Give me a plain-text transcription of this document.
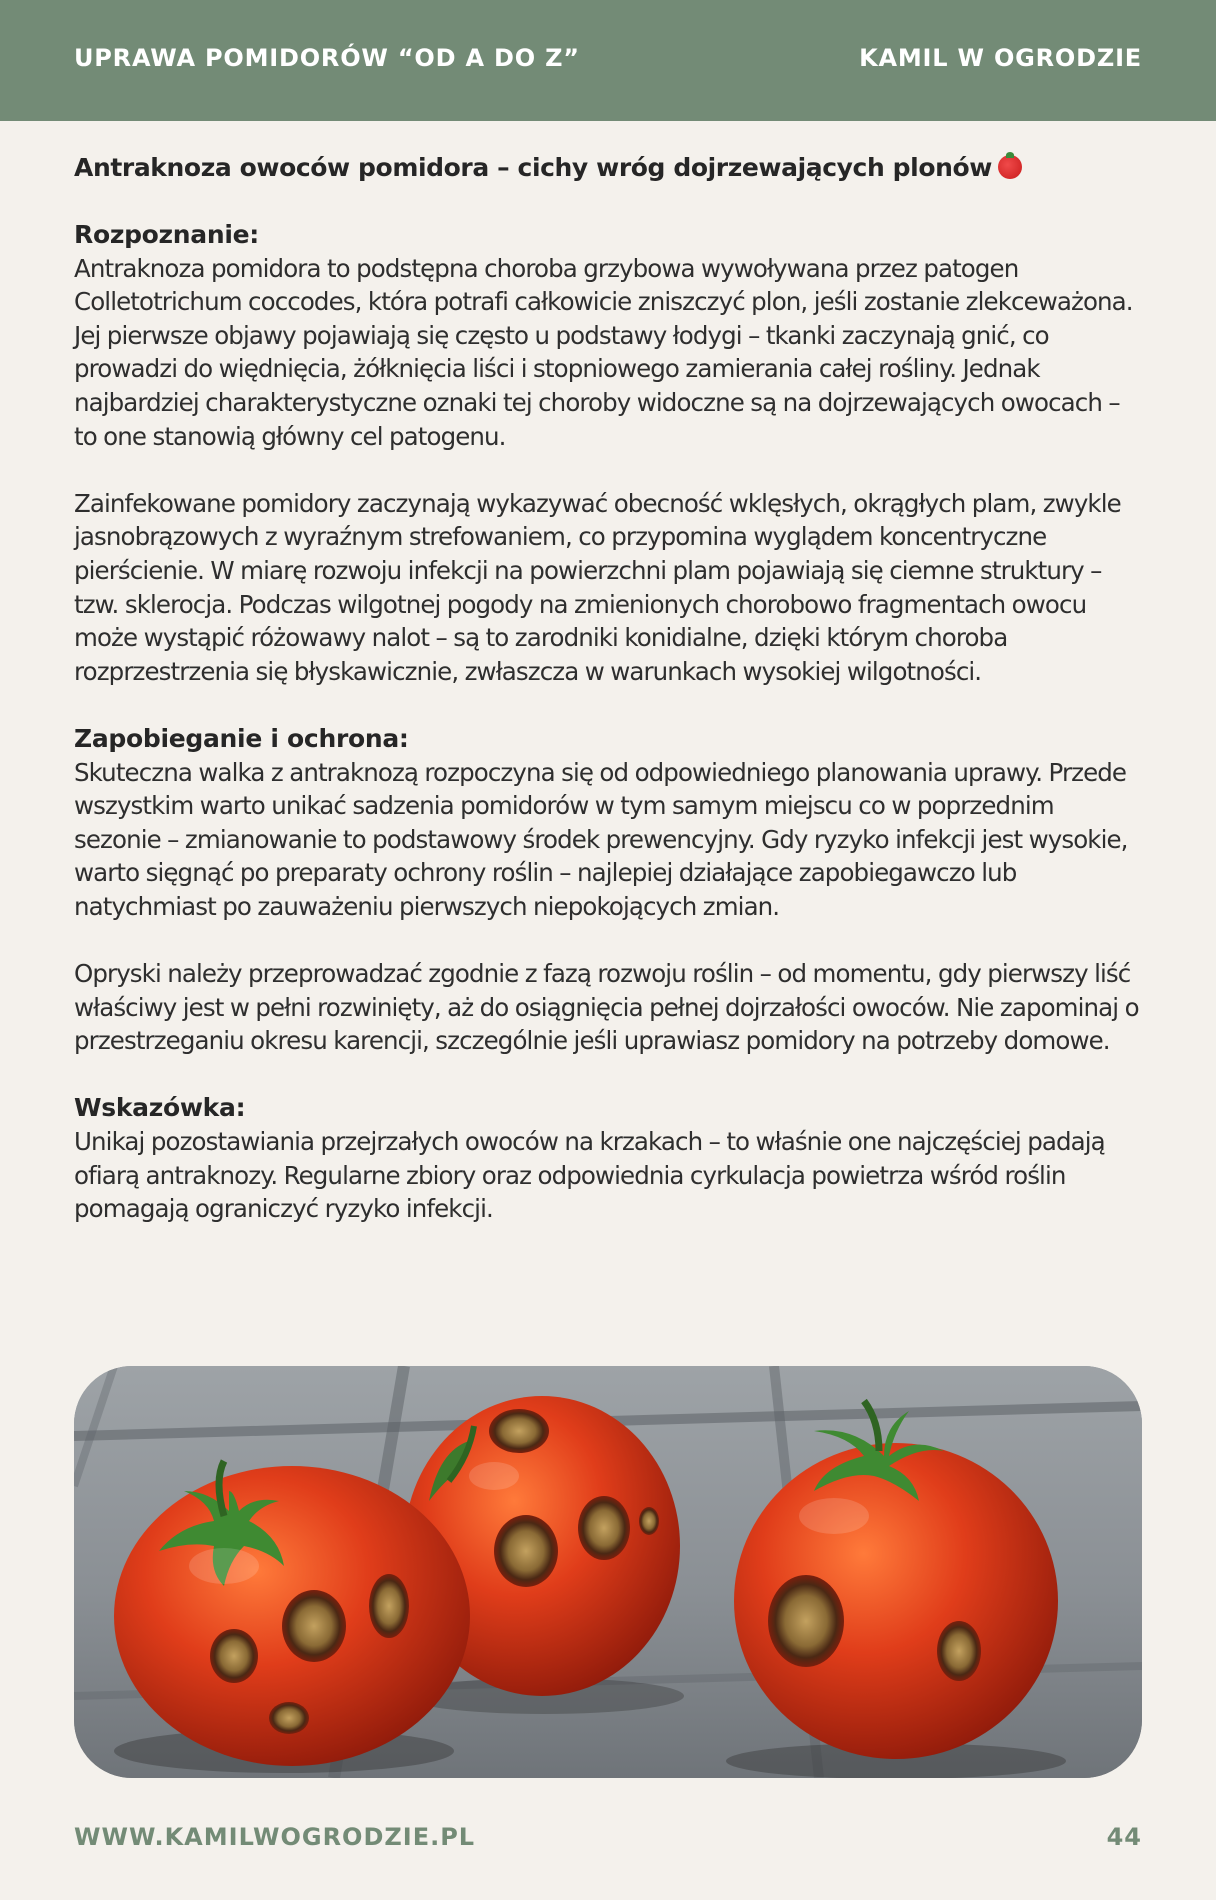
UPRAWA POMIDORÓW “OD A DO Z”	KAMIL W OGRODZIE
Antraknoza owoców pomidora – cichy wróg dojrzewających plonów
Rozpoznanie:
Antraknoza pomidora to podstępna choroba grzybowa wywoływana przez patogen Colletotrichum coccodes, która potrafi całkowicie zniszczyć plon, jeśli zostanie zlekceważona. Jej pierwsze objawy pojawiają się często u podstawy łodygi – tkanki zaczynają gnić, co prowadzi do więdnięcia, żółknięcia liści i stopniowego zamierania całej rośliny. Jednak najbardziej charakterystyczne oznaki tej choroby widoczne są na dojrzewających owocach – to one stanowią główny cel patogenu.
Zainfekowane pomidory zaczynają wykazywać obecność wklęsłych, okrągłych plam, zwykle jasnobrązowych z wyraźnym strefowaniem, co przypomina wyglądem koncentryczne pierścienie. W miarę rozwoju infekcji na powierzchni plam pojawiają się ciemne struktury – tzw. sklerocja. Podczas wilgotnej pogody na zmienionych chorobowo fragmentach owocu może wystąpić różowawy nalot – są to zarodniki konidialne, dzięki którym choroba rozprzestrzenia się błyskawicznie, zwłaszcza w warunkach wysokiej wilgotności.
Zapobieganie i ochrona:
Skuteczna walka z antraknozą rozpoczyna się od odpowiedniego planowania uprawy. Przede wszystkim warto unikać sadzenia pomidorów w tym samym miejscu co w poprzednim sezonie – zmianowanie to podstawowy środek prewencyjny. Gdy ryzyko infekcji jest wysokie, warto sięgnąć po preparaty ochrony roślin – najlepiej działające zapobiegawczo lub natychmiast po zauważeniu pierwszych niepokojących zmian.
Opryski należy przeprowadzać zgodnie z fazą rozwoju roślin – od momentu, gdy pierwszy liść właściwy jest w pełni rozwinięty, aż do osiągnięcia pełnej dojrzałości owoców. Nie zapominaj o przestrzeganiu okresu karencji, szczególnie jeśli uprawiasz pomidory na potrzeby domowe.
Wskazówka:
Unikaj pozostawiania przejrzałych owoców na krzakach – to właśnie one najczęściej padają ofiarą antraknozy. Regularne zbiory oraz odpowiednia cyrkulacja powietrza wśród roślin pomagają ograniczyć ryzyko infekcji.
WWW.KAMILWOGRODZIE.PL	44
